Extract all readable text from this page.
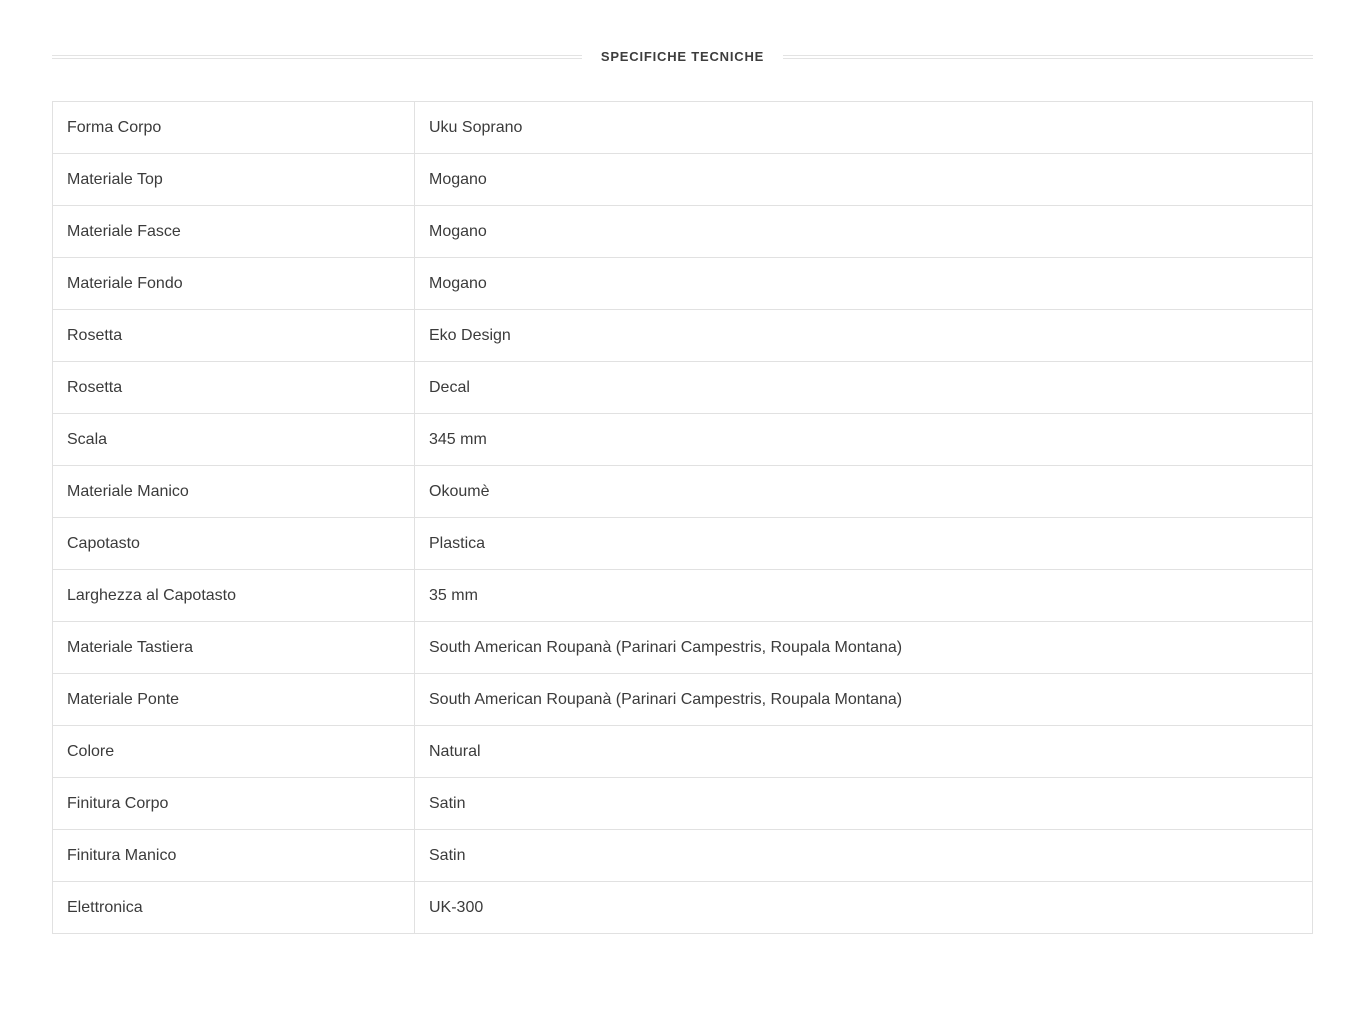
SPECIFICHE TECNICHE
Forma Corpo	Uku Soprano
Materiale Top	Mogano
Materiale Fasce	Mogano
Materiale Fondo	Mogano
Rosetta	Eko Design
Rosetta	Decal
Scala	345 mm
Materiale Manico	Okoumè
Capotasto	Plastica
Larghezza al Capotasto	35 mm
Materiale Tastiera	South American Roupanà (Parinari Campestris, Roupala Montana)
Materiale Ponte	South American Roupanà (Parinari Campestris, Roupala Montana)
Colore	Natural
Finitura Corpo	Satin
Finitura Manico	Satin
Elettronica	UK-300
